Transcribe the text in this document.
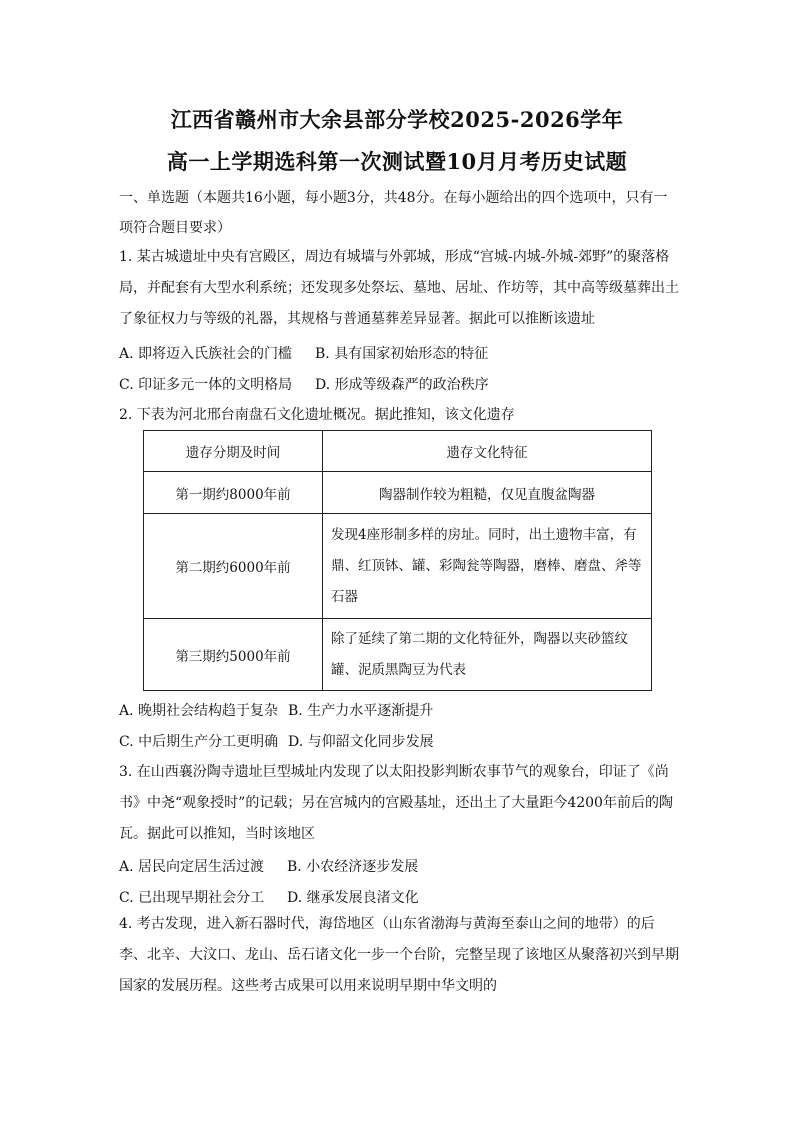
江西省赣州市大余县部分学校2025-2026学年
高一上学期选科第一次测试暨10月月考历史试题
一、单选题（本题共16小题，每小题3分，共48分。在每小题给出的四个选项中，只有一
项符合题目要求）
1. 某古城遗址中央有宫殿区，周边有城墙与外郭城，形成“宫城-内城-外城-郊野”的聚落格局，并配套有大型水利系统；还发现多处祭坛、墓地、居址、作坊等，其中高等级墓葬出土了象征权力与等级的礼器，其规格与普通墓葬差异显著。据此可以推断该遗址
A. 即将迈入氏族社会的门槛 B. 具有国家初始形态的特征
C. 印证多元一体的文明格局 D. 形成等级森严的政治秩序
2. 下表为河北邢台南盘石文化遗址概况。据此推知，该文化遗存
遗存分期及时间	遗存文化特征
第一期约8000年前	陶器制作较为粗糙，仅见直腹盆陶器
第二期约6000年前	发现4座形制多样的房址。同时，出土遗物丰富，有鼎、红顶钵、罐、彩陶瓮等陶器，磨棒、磨盘、斧等石器
第三期约5000年前	除了延续了第二期的文化特征外，陶器以夹砂篮纹罐、泥质黑陶豆为代表
A. 晚期社会结构趋于复杂 B. 生产力水平逐渐提升
C. 中后期生产分工更明确 D. 与仰韶文化同步发展
3. 在山西襄汾陶寺遗址巨型城址内发现了以太阳投影判断农事节气的观象台，印证了《尚书》中尧“观象授时”的记载；另在宫城内的宫殿基址，还出土了大量距今4200年前后的陶瓦。据此可以推知，当时该地区
A. 居民向定居生活过渡 B. 小农经济逐步发展
C. 已出现早期社会分工 D. 继承发展良渚文化
4. 考古发现，进入新石器时代，海岱地区（山东省渤海与黄海至泰山之间的地带）的后李、北辛、大汶口、龙山、岳石诸文化一步一个台阶，完整呈现了该地区从聚落初兴到早期国家的发展历程。这些考古成果可以用来说明早期中华文明的
